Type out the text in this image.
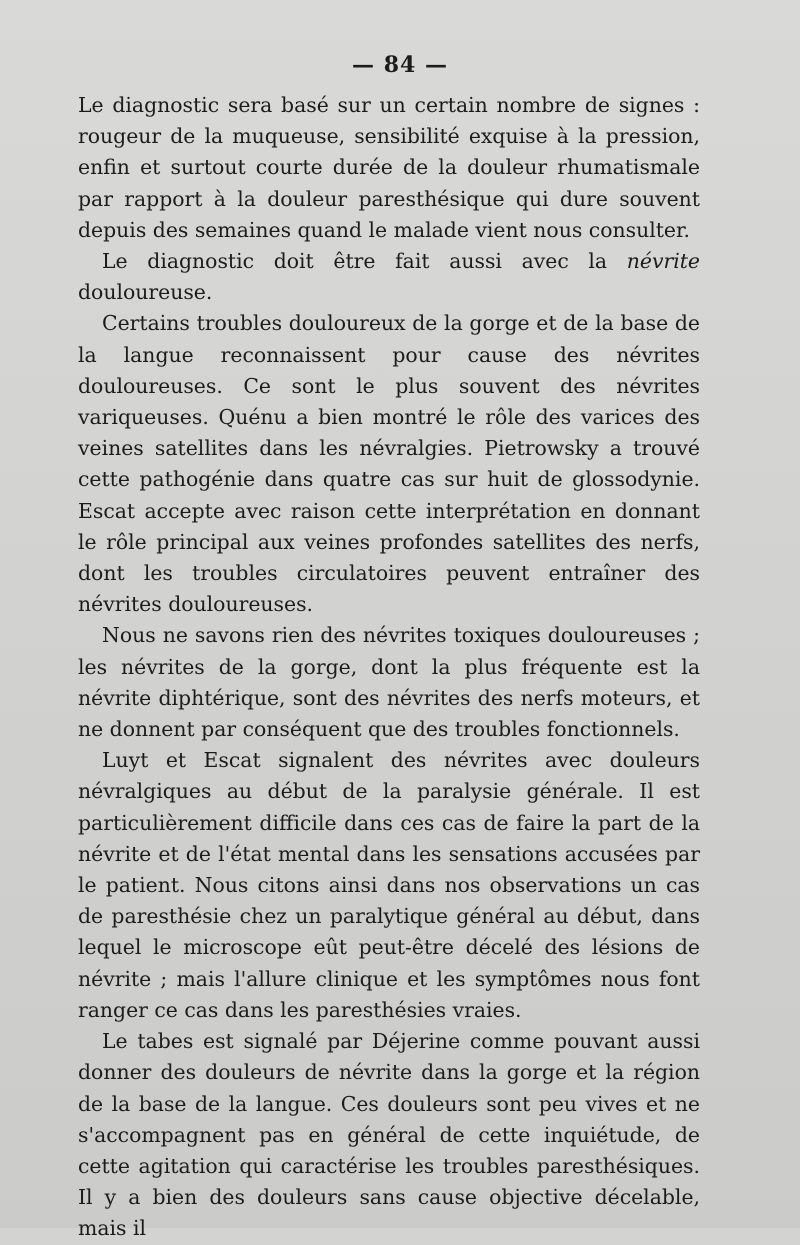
— 84 —

Le diagnostic sera basé sur un certain nombre de signes : rougeur de la muqueuse, sensibilité exquise à la pression, enfin et surtout courte durée de la douleur rhumatismale par rapport à la douleur paresthésique qui dure souvent depuis des semaines quand le malade vient nous consulter.

Le diagnostic doit être fait aussi avec la névrite douloureuse.

Certains troubles douloureux de la gorge et de la base de la langue reconnaissent pour cause des névrites douloureuses. Ce sont le plus souvent des névrites variqueuses. Quénu a bien montré le rôle des varices des veines satellites dans les névralgies. Pietrowsky a trouvé cette pathogénie dans quatre cas sur huit de glossodynie. Escat accepte avec raison cette interprétation en donnant le rôle principal aux veines profondes satellites des nerfs, dont les troubles circulatoires peuvent entraîner des névrites douloureuses.

Nous ne savons rien des névrites toxiques douloureuses ; les névrites de la gorge, dont la plus fréquente est la névrite diphtérique, sont des névrites des nerfs moteurs, et ne donnent par conséquent que des troubles fonctionnels.

Luyt et Escat signalent des névrites avec douleurs névralgiques au début de la paralysie générale. Il est particulièrement difficile dans ces cas de faire la part de la névrite et de l'état mental dans les sensations accusées par le patient. Nous citons ainsi dans nos observations un cas de paresthésie chez un paralytique général au début, dans lequel le microscope eût peut-être décelé des lésions de névrite ; mais l'allure clinique et les symptômes nous font ranger ce cas dans les paresthésies vraies.

Le tabes est signalé par Déjerine comme pouvant aussi donner des douleurs de névrite dans la gorge et la région de la base de la langue. Ces douleurs sont peu vives et ne s'accompagnent pas en général de cette inquiétude, de cette agitation qui caractérise les troubles paresthésiques. Il y a bien des douleurs sans cause objective décelable, mais il
